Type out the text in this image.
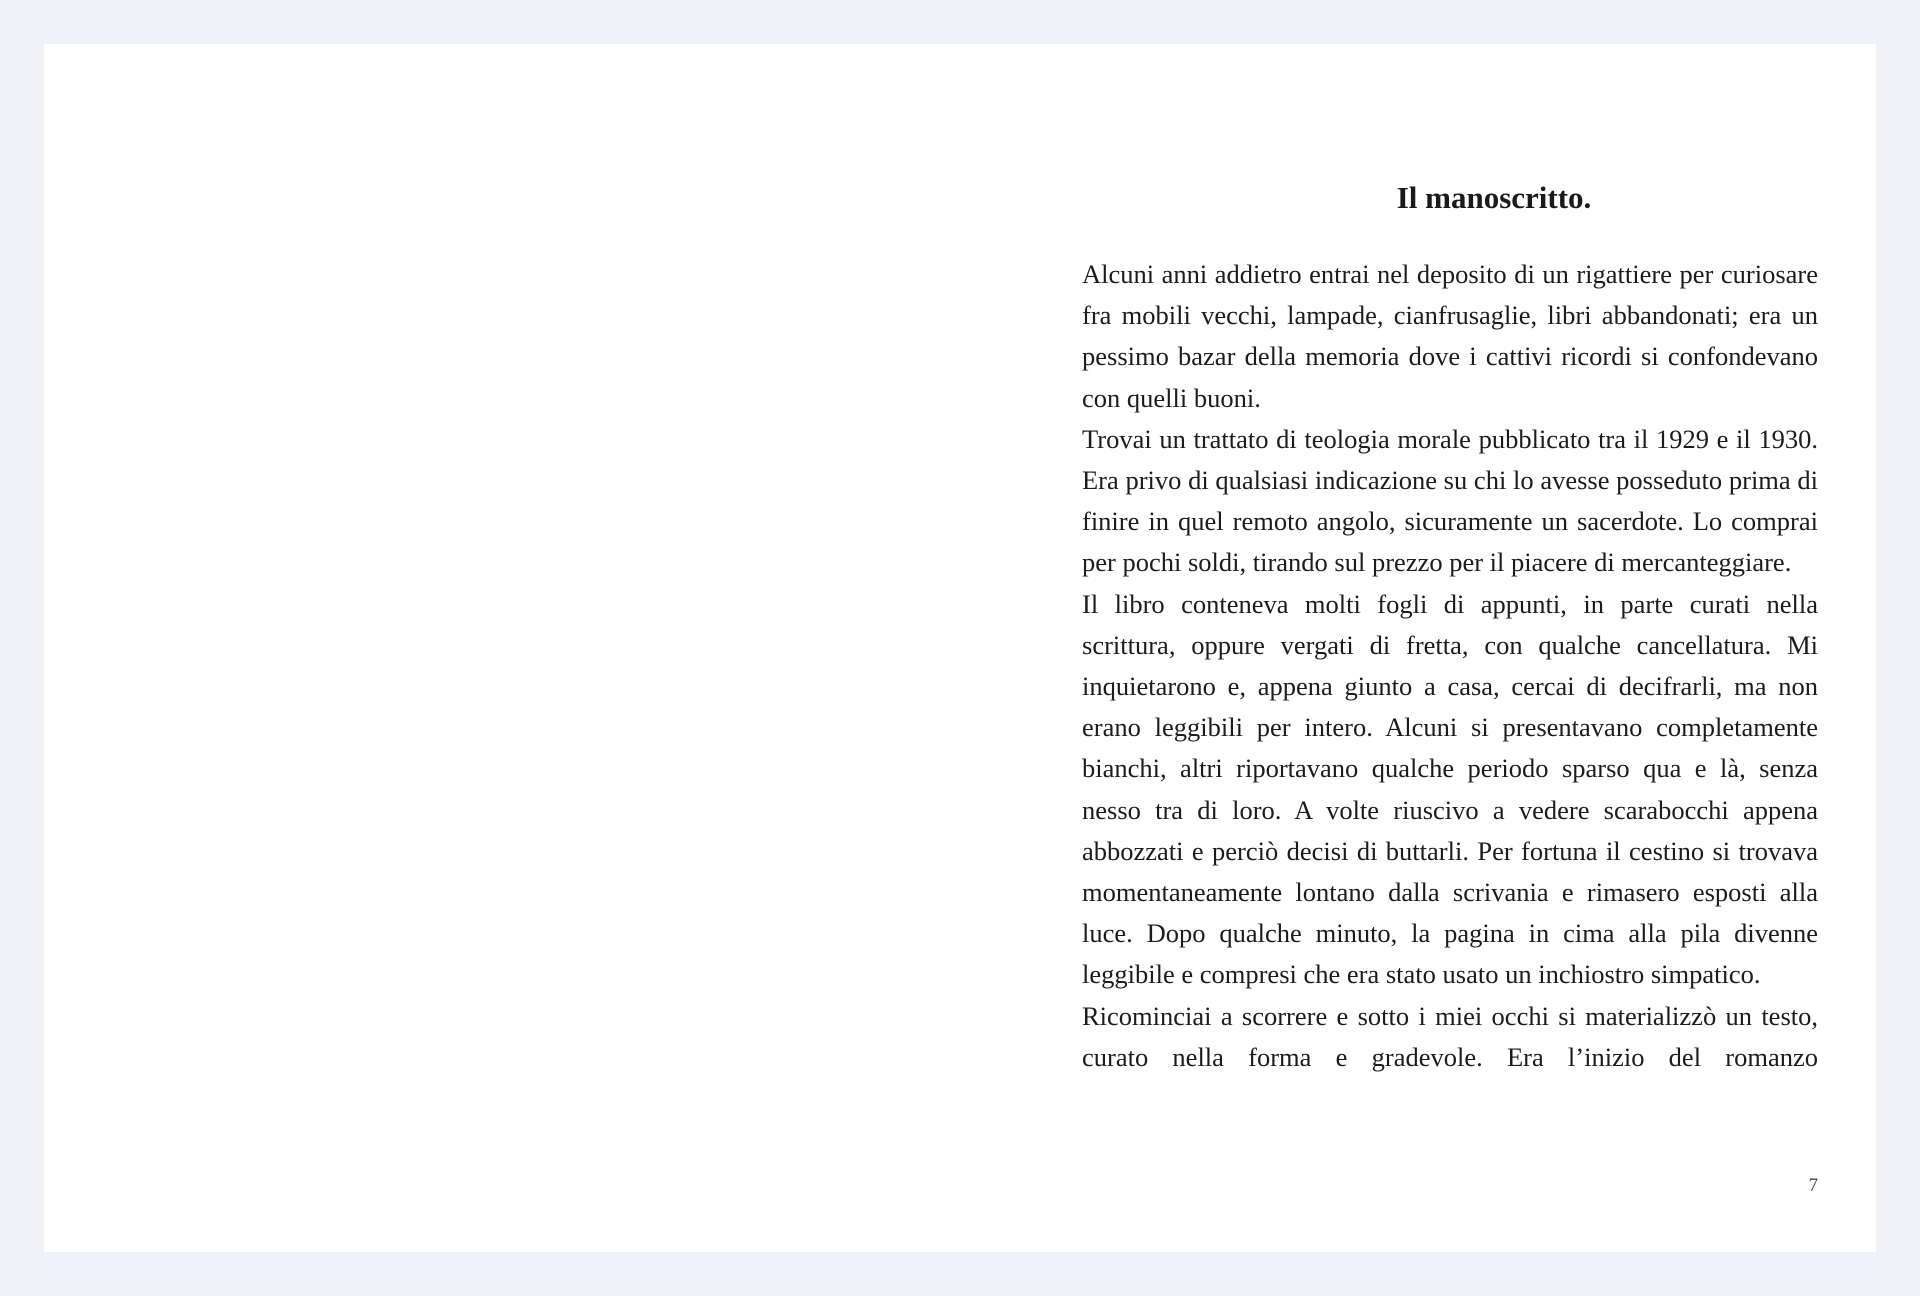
Il manoscritto.

Alcuni anni addietro entrai nel deposito di un rigattiere per curiosare fra mobili vecchi, lampade, cianfrusaglie, libri abbandonati; era un pessimo bazar della memoria dove i cattivi ricordi si confondevano con quelli buoni.

Trovai un trattato di teologia morale pubblicato tra il 1929 e il 1930. Era privo di qualsiasi indicazione su chi lo avesse posseduto prima di finire in quel remoto angolo, sicuramente un sacerdote. Lo comprai per pochi soldi, tirando sul prezzo per il piacere di mercanteggiare.

Il libro conteneva molti fogli di appunti, in parte curati nella scrittura, oppure vergati di fretta, con qualche cancellatura. Mi inquietarono e, appena giunto a casa, cercai di decifrarli, ma non erano leggibili per intero. Alcuni si presentavano completamente bianchi, altri riportavano qualche periodo sparso qua e là, senza nesso tra di loro. A volte riuscivo a vedere scarabocchi appena abbozzati e perciò decisi di buttarli. Per fortuna il cestino si trovava momentaneamente lontano dalla scrivania e rimasero esposti alla luce. Dopo qualche minuto, la pagina in cima alla pila divenne leggibile e compresi che era stato usato un inchiostro simpatico.

Ricominciai a scorrere e sotto i miei occhi si materializzò un testo, curato nella forma e gradevole. Era l’inizio del romanzo

7
